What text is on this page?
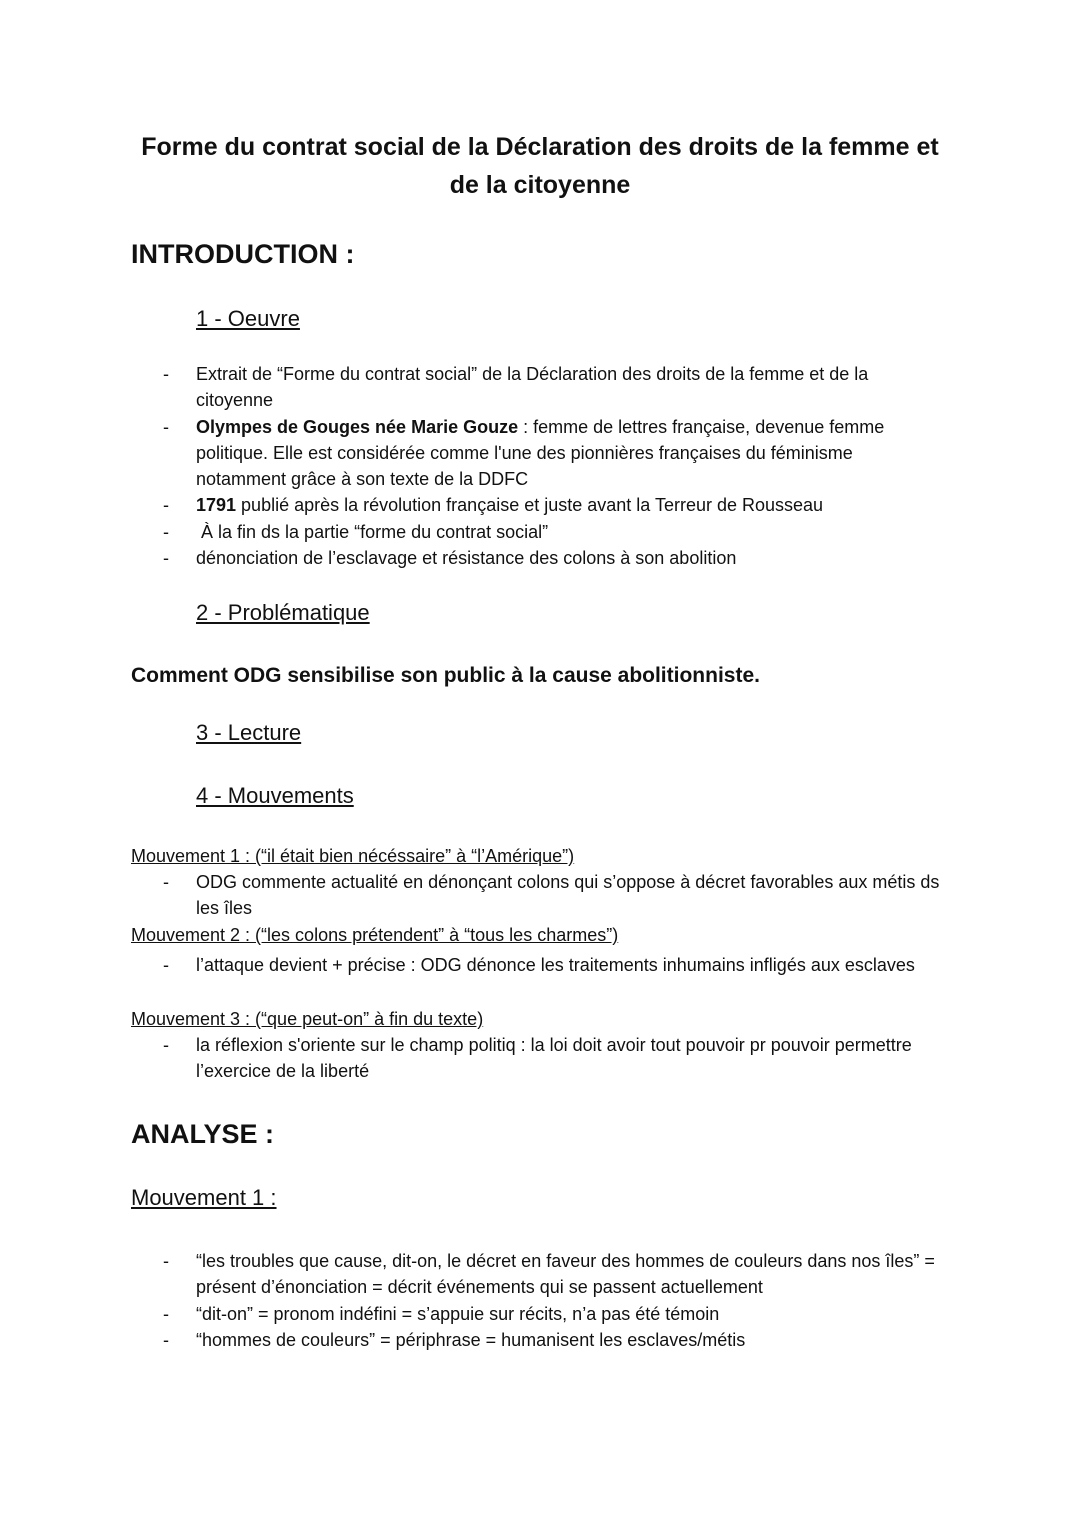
Forme du contrat social de la Déclaration des droits de la femme et de la citoyenne
INTRODUCTION :
1 - Oeuvre
- Extrait de “Forme du contrat social” de la Déclaration des droits de la femme et de la citoyenne
- Olympes de Gouges née Marie Gouze : femme de lettres française, devenue femme politique. Elle est considérée comme l'une des pionnières françaises du féminisme notamment grâce à son texte de la DDFC
- 1791 publié après la révolution française et juste avant la Terreur de Rousseau
-  À la fin ds la partie “forme du contrat social”
- dénonciation de l’esclavage et résistance des colons à son abolition
2 - Problématique
Comment ODG sensibilise son public à la cause abolitionniste.
3 - Lecture
4 - Mouvements
Mouvement 1 : (“il était bien nécéssaire” à “l’Amérique”)
- ODG commente actualité en dénonçant colons qui s’oppose à décret favorables aux métis ds les îles
Mouvement 2 : (“les colons prétendent” à “tous les charmes”)
- l’attaque devient + précise : ODG dénonce les traitements inhumains infligés aux esclaves
Mouvement 3 : (“que peut-on” à fin du texte)
- la réflexion s'oriente sur le champ politiq : la loi doit avoir tout pouvoir pr pouvoir permettre l’exercice de la liberté
ANALYSE :
Mouvement 1 :
- “les troubles que cause, dit-on, le décret en faveur des hommes de couleurs dans nos îles” = présent d’énonciation = décrit événements qui se passent actuellement
- “dit-on” = pronom indéfini = s’appuie sur récits, n’a pas été témoin
- “hommes de couleurs” = périphrase = humanisent les esclaves/métis
